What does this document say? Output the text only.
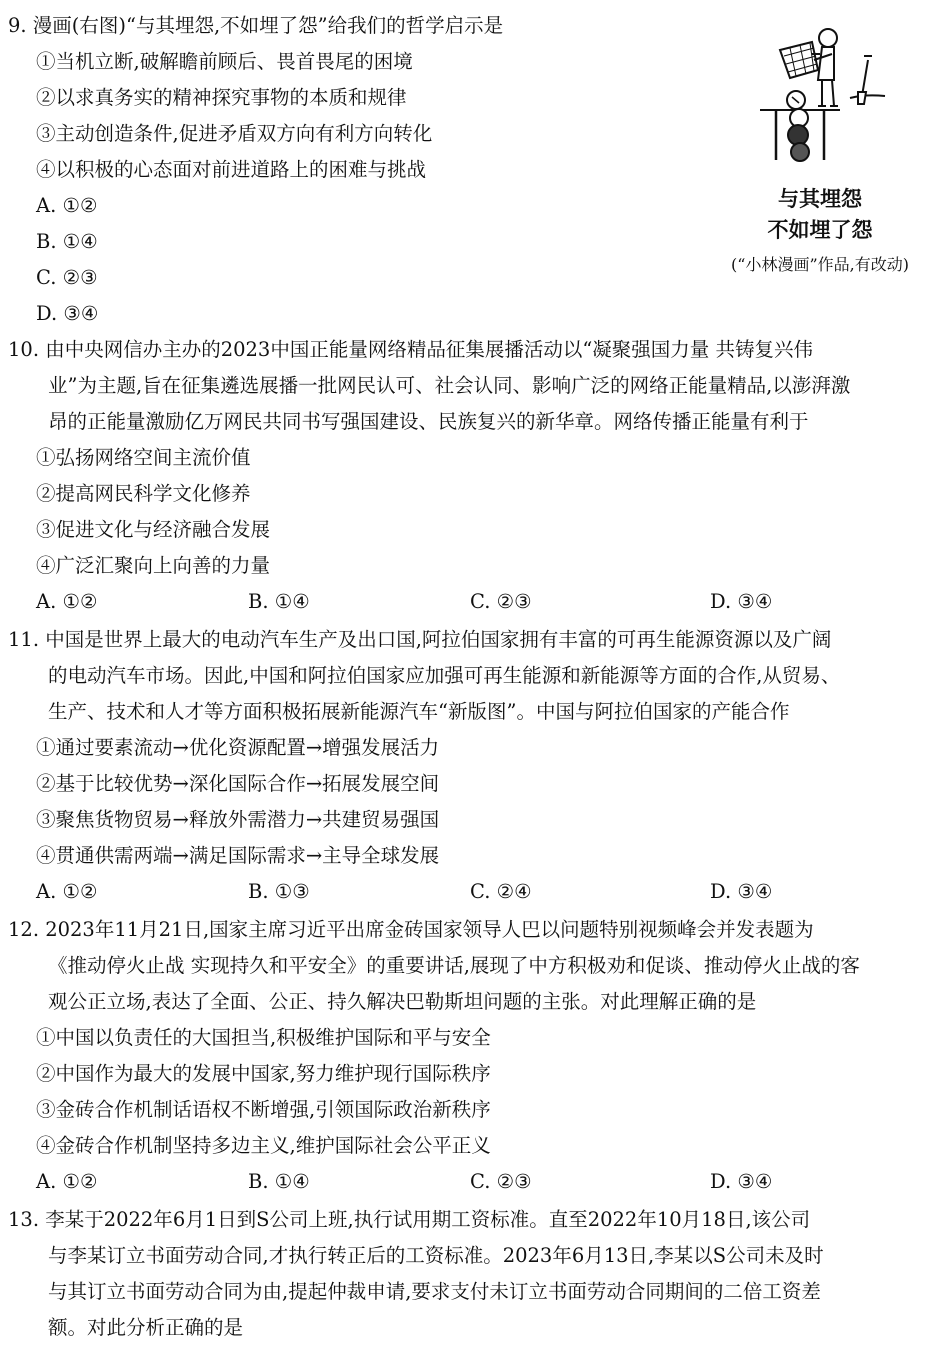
9. 漫画(右图)“与其埋怨,不如埋了怨”给我们的哲学启示是
①当机立断,破解瞻前顾后、畏首畏尾的困境
②以求真务实的精神探究事物的本质和规律
③主动创造条件,促进矛盾双方向有利方向转化
④以积极的心态面对前进道路上的困难与挑战
A. ①②
B. ①④
C. ②③
D. ③④
与其埋怨
不如埋了怨
(“小林漫画”作品,有改动)
10. 由中央网信办主办的2023中国正能量网络精品征集展播活动以“凝聚强国力量 共铸复兴伟
业”为主题,旨在征集遴选展播一批网民认可、社会认同、影响广泛的网络正能量精品,以澎湃激
昂的正能量激励亿万网民共同书写强国建设、民族复兴的新华章。网络传播正能量有利于
①弘扬网络空间主流价值
②提高网民科学文化修养
③促进文化与经济融合发展
④广泛汇聚向上向善的力量
A. ①②	B. ①④	C. ②③	D. ③④
11. 中国是世界上最大的电动汽车生产及出口国,阿拉伯国家拥有丰富的可再生能源资源以及广阔
的电动汽车市场。因此,中国和阿拉伯国家应加强可再生能源和新能源等方面的合作,从贸易、
生产、技术和人才等方面积极拓展新能源汽车“新版图”。中国与阿拉伯国家的产能合作
①通过要素流动→优化资源配置→增强发展活力
②基于比较优势→深化国际合作→拓展发展空间
③聚焦货物贸易→释放外需潜力→共建贸易强国
④贯通供需两端→满足国际需求→主导全球发展
A. ①②	B. ①③	C. ②④	D. ③④
12. 2023年11月21日,国家主席习近平出席金砖国家领导人巴以问题特别视频峰会并发表题为
《推动停火止战 实现持久和平安全》的重要讲话,展现了中方积极劝和促谈、推动停火止战的客
观公正立场,表达了全面、公正、持久解决巴勒斯坦问题的主张。对此理解正确的是
①中国以负责任的大国担当,积极维护国际和平与安全
②中国作为最大的发展中国家,努力维护现行国际秩序
③金砖合作机制话语权不断增强,引领国际政治新秩序
④金砖合作机制坚持多边主义,维护国际社会公平正义
A. ①②	B. ①④	C. ②③	D. ③④
13. 李某于2022年6月1日到S公司上班,执行试用期工资标准。直至2022年10月18日,该公司
与李某订立书面劳动合同,才执行转正后的工资标准。2023年6月13日,李某以S公司未及时
与其订立书面劳动合同为由,提起仲裁申请,要求支付未订立书面劳动合同期间的二倍工资差
额。对此分析正确的是
